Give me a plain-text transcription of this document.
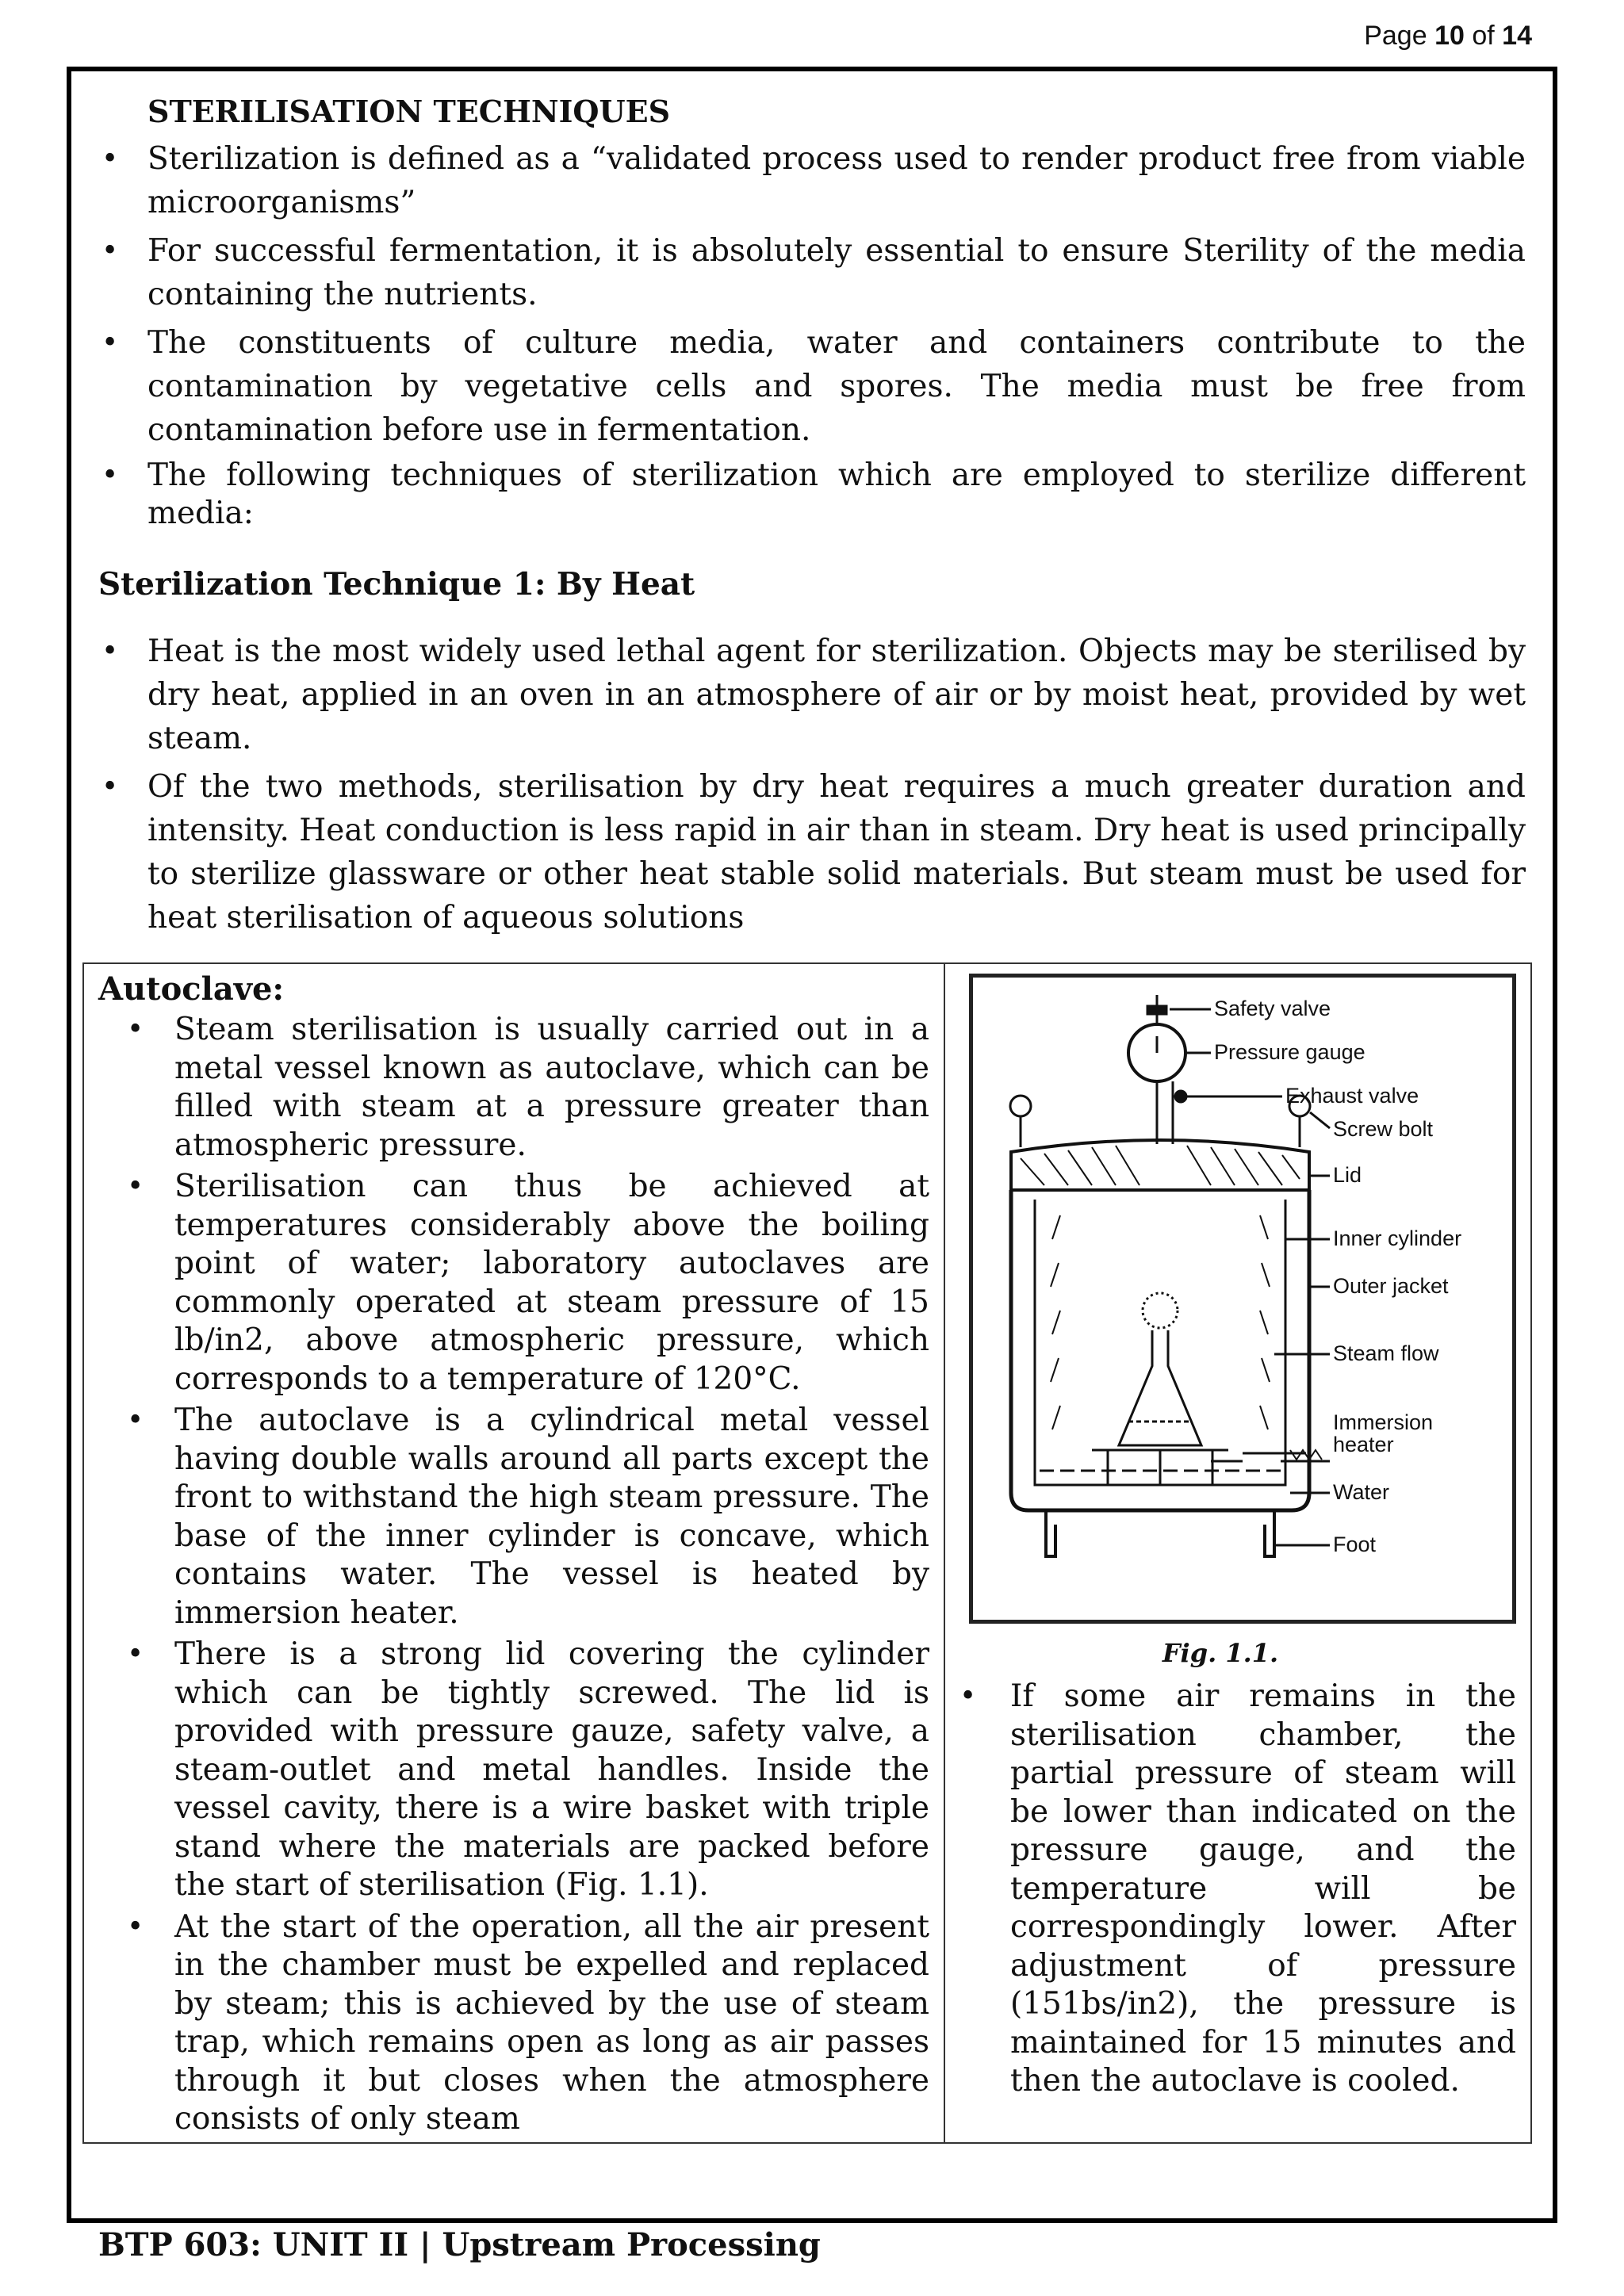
Page 10 of 14
STERILISATION TECHNIQUES
• Sterilization is defined as a “validated process used to render product free from viable microorganisms”
• For successful fermentation, it is absolutely essential to ensure Sterility of the media containing the nutrients.
• The constituents of culture media, water and containers contribute to the contamination by vegetative cells and spores. The media must be free from contamination before use in fermentation.
• The following techniques of sterilization which are employed to sterilize different media:
Sterilization Technique 1: By Heat
• Heat is the most widely used lethal agent for sterilization. Objects may be sterilised by dry heat, applied in an oven in an atmosphere of air or by moist heat, provided by wet steam.
• Of the two methods, sterilisation by dry heat requires a much greater duration and intensity. Heat conduction is less rapid in air than in steam. Dry heat is used principally to sterilize glassware or other heat stable solid materials. But steam must be used for heat sterilisation of aqueous solutions
Autoclave:
• Steam sterilisation is usually carried out in a metal vessel known as autoclave, which can be filled with steam at a pressure greater than atmospheric pressure.
• Sterilisation can thus be achieved at temperatures considerably above the boiling point of water; laboratory autoclaves are commonly operated at steam pressure of 15 lb/in2, above atmospheric pressure, which corresponds to a temperature of 120°C.
• The autoclave is a cylindrical metal vessel having double walls around all parts except the front to withstand the high steam pressure. The base of the inner cylinder is concave, which contains water. The vessel is heated by immersion heater.
• There is a strong lid covering the cylinder which can be tightly screwed. The lid is provided with pressure gauze, safety valve, a steam-outlet and metal handles. Inside the vessel cavity, there is a wire basket with triple stand where the materials are packed before the start of sterilisation (Fig. 1.1).
• At the start of the operation, all the air present in the chamber must be expelled and replaced by steam; this is achieved by the use of steam trap, which remains open as long as air passes through it but closes when the atmosphere consists of only steam

Safety valve
Pressure gauge
Exhaust valve
Screw bolt
Lid
Inner cylinder
Outer jacket
Steam flow
Immersion
heater
Water
Foot
Fig. 1.1.
• If some air remains in the sterilisation chamber, the partial pressure of steam will be lower than indicated on the pressure gauge, and the temperature will be correspondingly lower. After adjustment of pressure (151bs/in2), the pressure is maintained for 15 minutes and then the autoclave is cooled.
BTP 603: UNIT II | Upstream Processing
